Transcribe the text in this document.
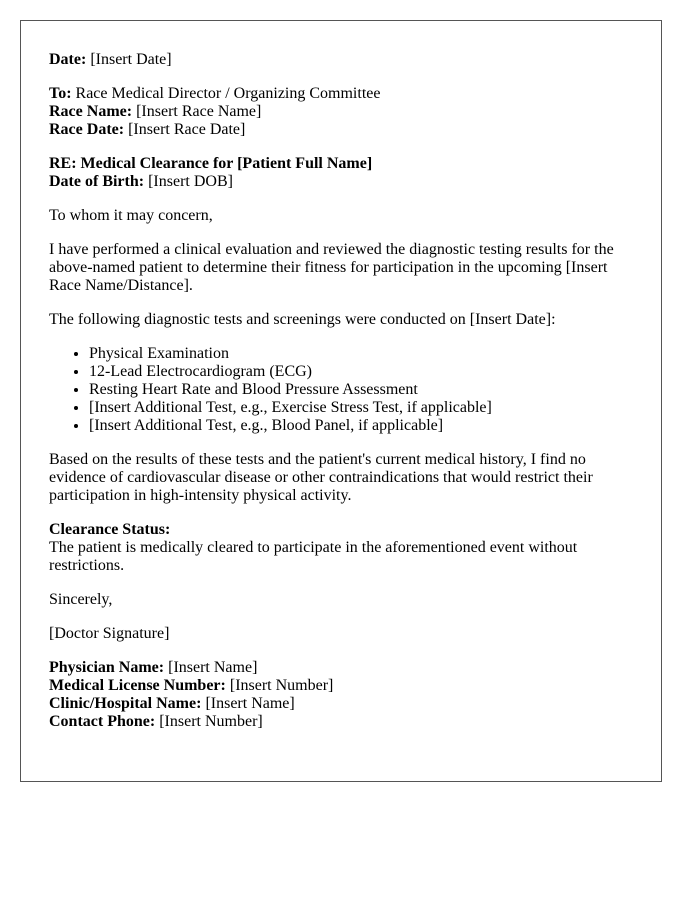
Date: [Insert Date]

To: Race Medical Director / Organizing Committee
Race Name: [Insert Race Name]
Race Date: [Insert Race Date]

RE: Medical Clearance for [Patient Full Name]
Date of Birth: [Insert DOB]

To whom it may concern,

I have performed a clinical evaluation and reviewed the diagnostic testing results for the above-named patient to determine their fitness for participation in the upcoming [Insert Race Name/Distance].

The following diagnostic tests and screenings were conducted on [Insert Date]:

• Physical Examination
• 12-Lead Electrocardiogram (ECG)
• Resting Heart Rate and Blood Pressure Assessment
• [Insert Additional Test, e.g., Exercise Stress Test, if applicable]
• [Insert Additional Test, e.g., Blood Panel, if applicable]

Based on the results of these tests and the patient's current medical history, I find no evidence of cardiovascular disease or other contraindications that would restrict their participation in high-intensity physical activity.

Clearance Status:
The patient is medically cleared to participate in the aforementioned event without restrictions.

Sincerely,

[Doctor Signature]

Physician Name: [Insert Name]
Medical License Number: [Insert Number]
Clinic/Hospital Name: [Insert Name]
Contact Phone: [Insert Number]
